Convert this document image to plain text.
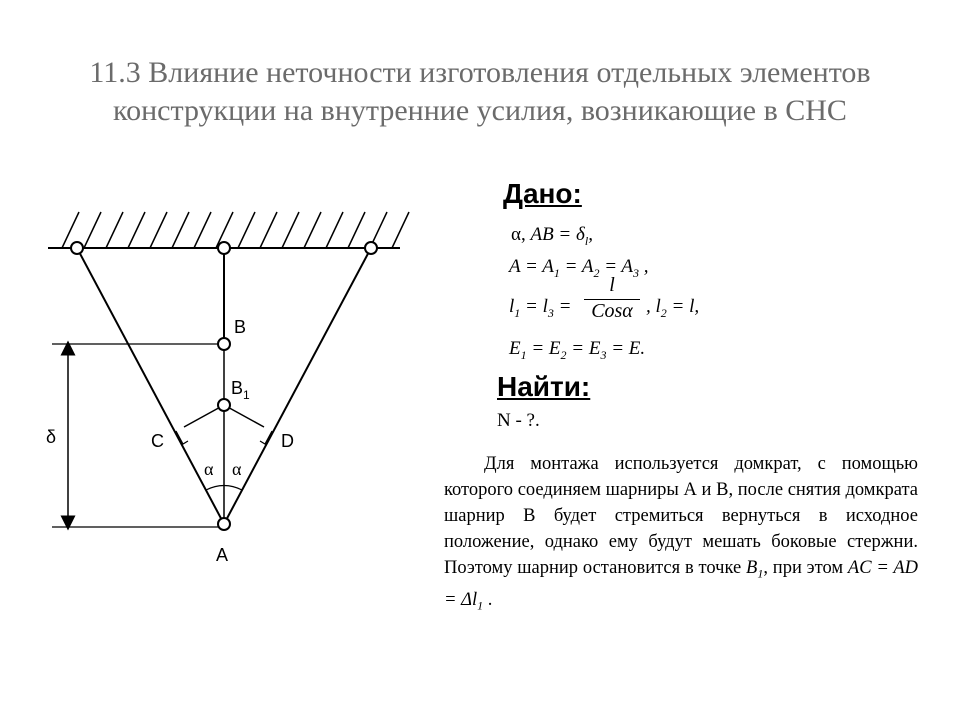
11.3 Влияние неточности изготовления отдельных элементов
конструкции на внутренние усилия, возникающие в СНС
B
$B_1$
C	D
A
δ
α α
Дано:
α, AB = $\delta_l$,
$A = A_1 = A_2 = A_3$ ,
$l_1 = l_3$ =
l
Cosα , $l_2 = l$,
$E_1 = E_2 = E_3 = E$.
Найти:
N - ?.

Для монтажа используется домкрат, с помощью которого соединяем шарниры А и В, после снятия домкрата шарнир В будет стремиться вернуться в исходное положение, однако ему будут мешать боковые стержни. Поэтому шарнир остановится в точке $B_1$, при этом AC = AD = $\Delta l_1$ .
